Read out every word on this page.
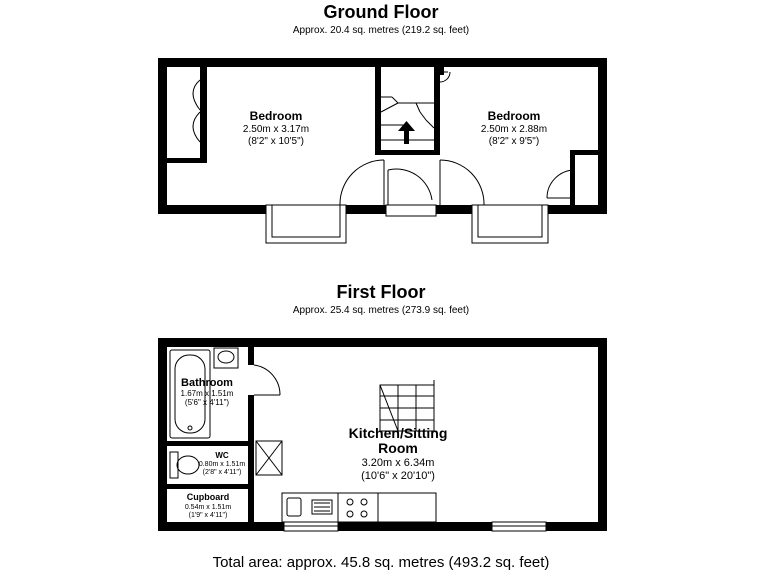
Ground Floor
Approx. 20.4 sq. metres (219.2 sq. feet)
Bedroom
2.50m x 3.17m
(8'2" x 10'5")
Bedroom
2.50m x 2.88m
(8'2" x 9'5")
First Floor
Approx. 25.4 sq. metres (273.9 sq. feet)
Bathroom
1.67m x 1.51m
(5'6" x 4'11")
WC
0.80m x 1.51m
(2'8" x 4'11")
Cupboard
0.54m x 1.51m
(1'9" x 4'11")
Kitchen/Sitting
Room
3.20m x 6.34m
(10'6" x 20'10")
Total area: approx. 45.8 sq. metres (493.2 sq. feet)
